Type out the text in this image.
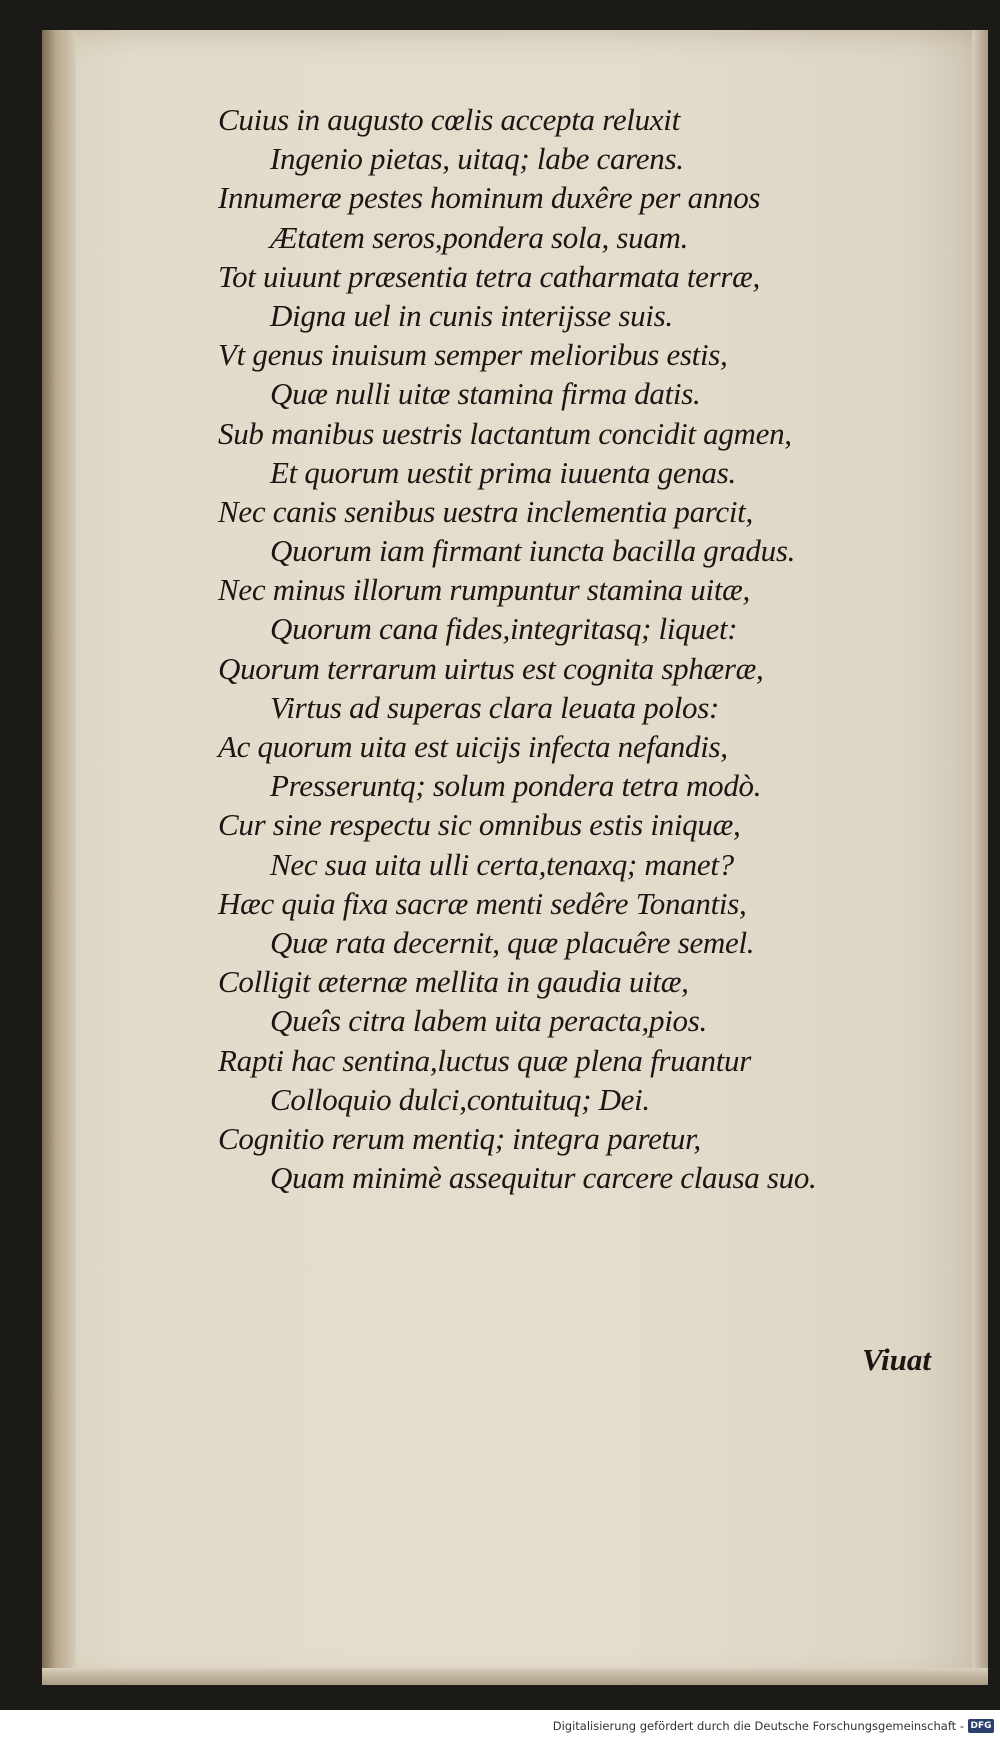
Cuius in augusto cœlis accepta reluxit
Ingenio pietas, uitaq; labe carens.
Innumeræ pestes hominum duxêre per annos
Ætatem seros,pondera sola, suam.
Tot uiuunt præsentia tetra catharmata terræ,
Digna uel in cunis interijsse suis.
Vt genus inuisum semper melioribus estis,
Quæ nulli uitæ stamina firma datis.
Sub manibus uestris lactantum concidit agmen,
Et quorum uestit prima iuuenta genas.
Nec canis senibus uestra inclementia parcit,
Quorum iam firmant iuncta bacilla gradus.
Nec minus illorum rumpuntur stamina uitæ,
Quorum cana fides,integritasq; liquet:
Quorum terrarum uirtus est cognita sphæræ,
Virtus ad superas clara leuata polos:
Ac quorum uita est uicijs infecta nefandis,
Presseruntq; solum pondera tetra modò.
Cur sine respectu sic omnibus estis iniquæ,
Nec sua uita ulli certa,tenaxq; manet?
Hæc quia fixa sacræ menti sedêre Tonantis,
Quæ rata decernit, quæ placuêre semel.
Colligit æternæ mellita in gaudia uitæ,
Queîs citra labem uita peracta,pios.
Rapti hac sentina,luctus quæ plena fruantur
Colloquio dulci,contuituq; Dei.
Cognitio rerum mentiq; integra paretur,
Quam minimè assequitur carcere clausa suo.
Viuat
Digitalisierung gefördert durch die Deutsche Forschungsgemeinschaft - DFG
